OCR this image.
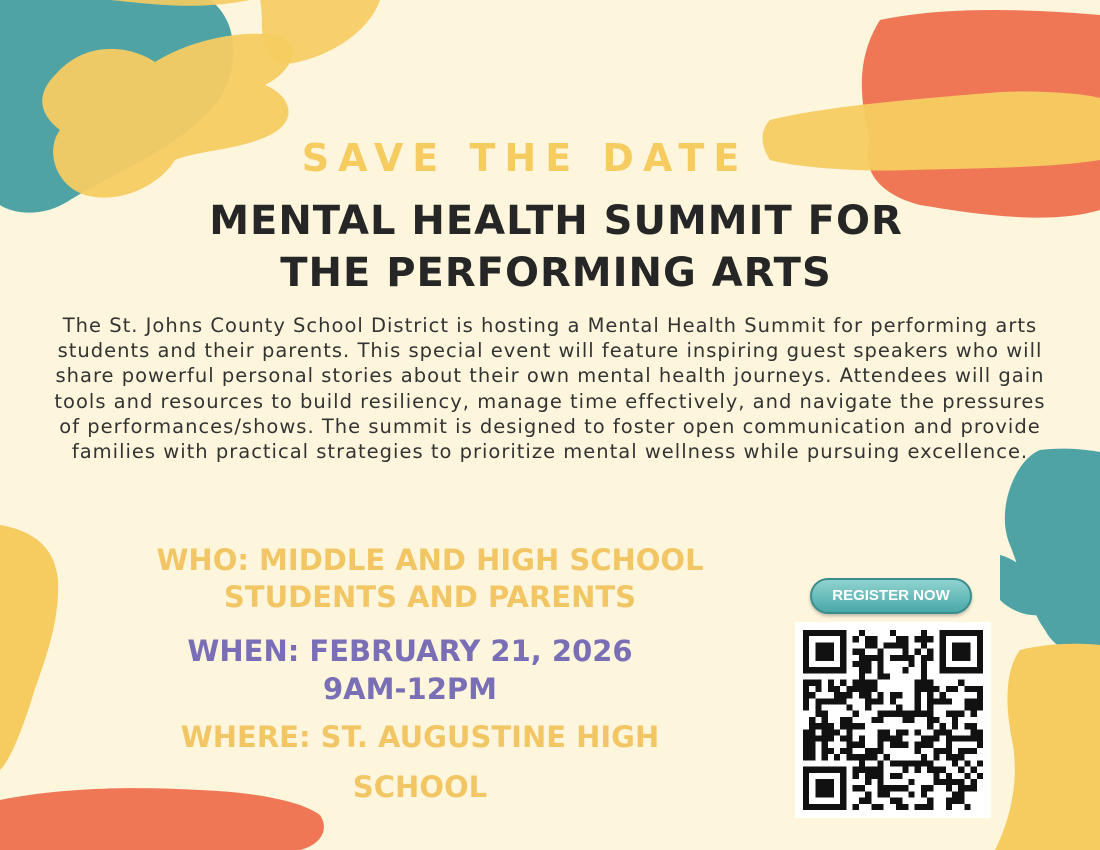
SAVE THE DATE
MENTAL HEALTH SUMMIT FOR
THE PERFORMING ARTS

The St. Johns County School District is hosting a Mental Health Summit for performing arts students and their parents. This special event will feature inspiring guest speakers who will share powerful personal stories about their own mental health journeys. Attendees will gain tools and resources to build resiliency, manage time effectively, and navigate the pressures of performances/shows. The summit is designed to foster open communication and provide families with practical strategies to prioritize mental wellness while pursuing excellence.

WHO: MIDDLE AND HIGH SCHOOL
STUDENTS AND PARENTS
WHEN: FEBRUARY 21, 2026
9AM-12PM
WHERE: ST. AUGUSTINE HIGH
SCHOOL
REGISTER NOW
